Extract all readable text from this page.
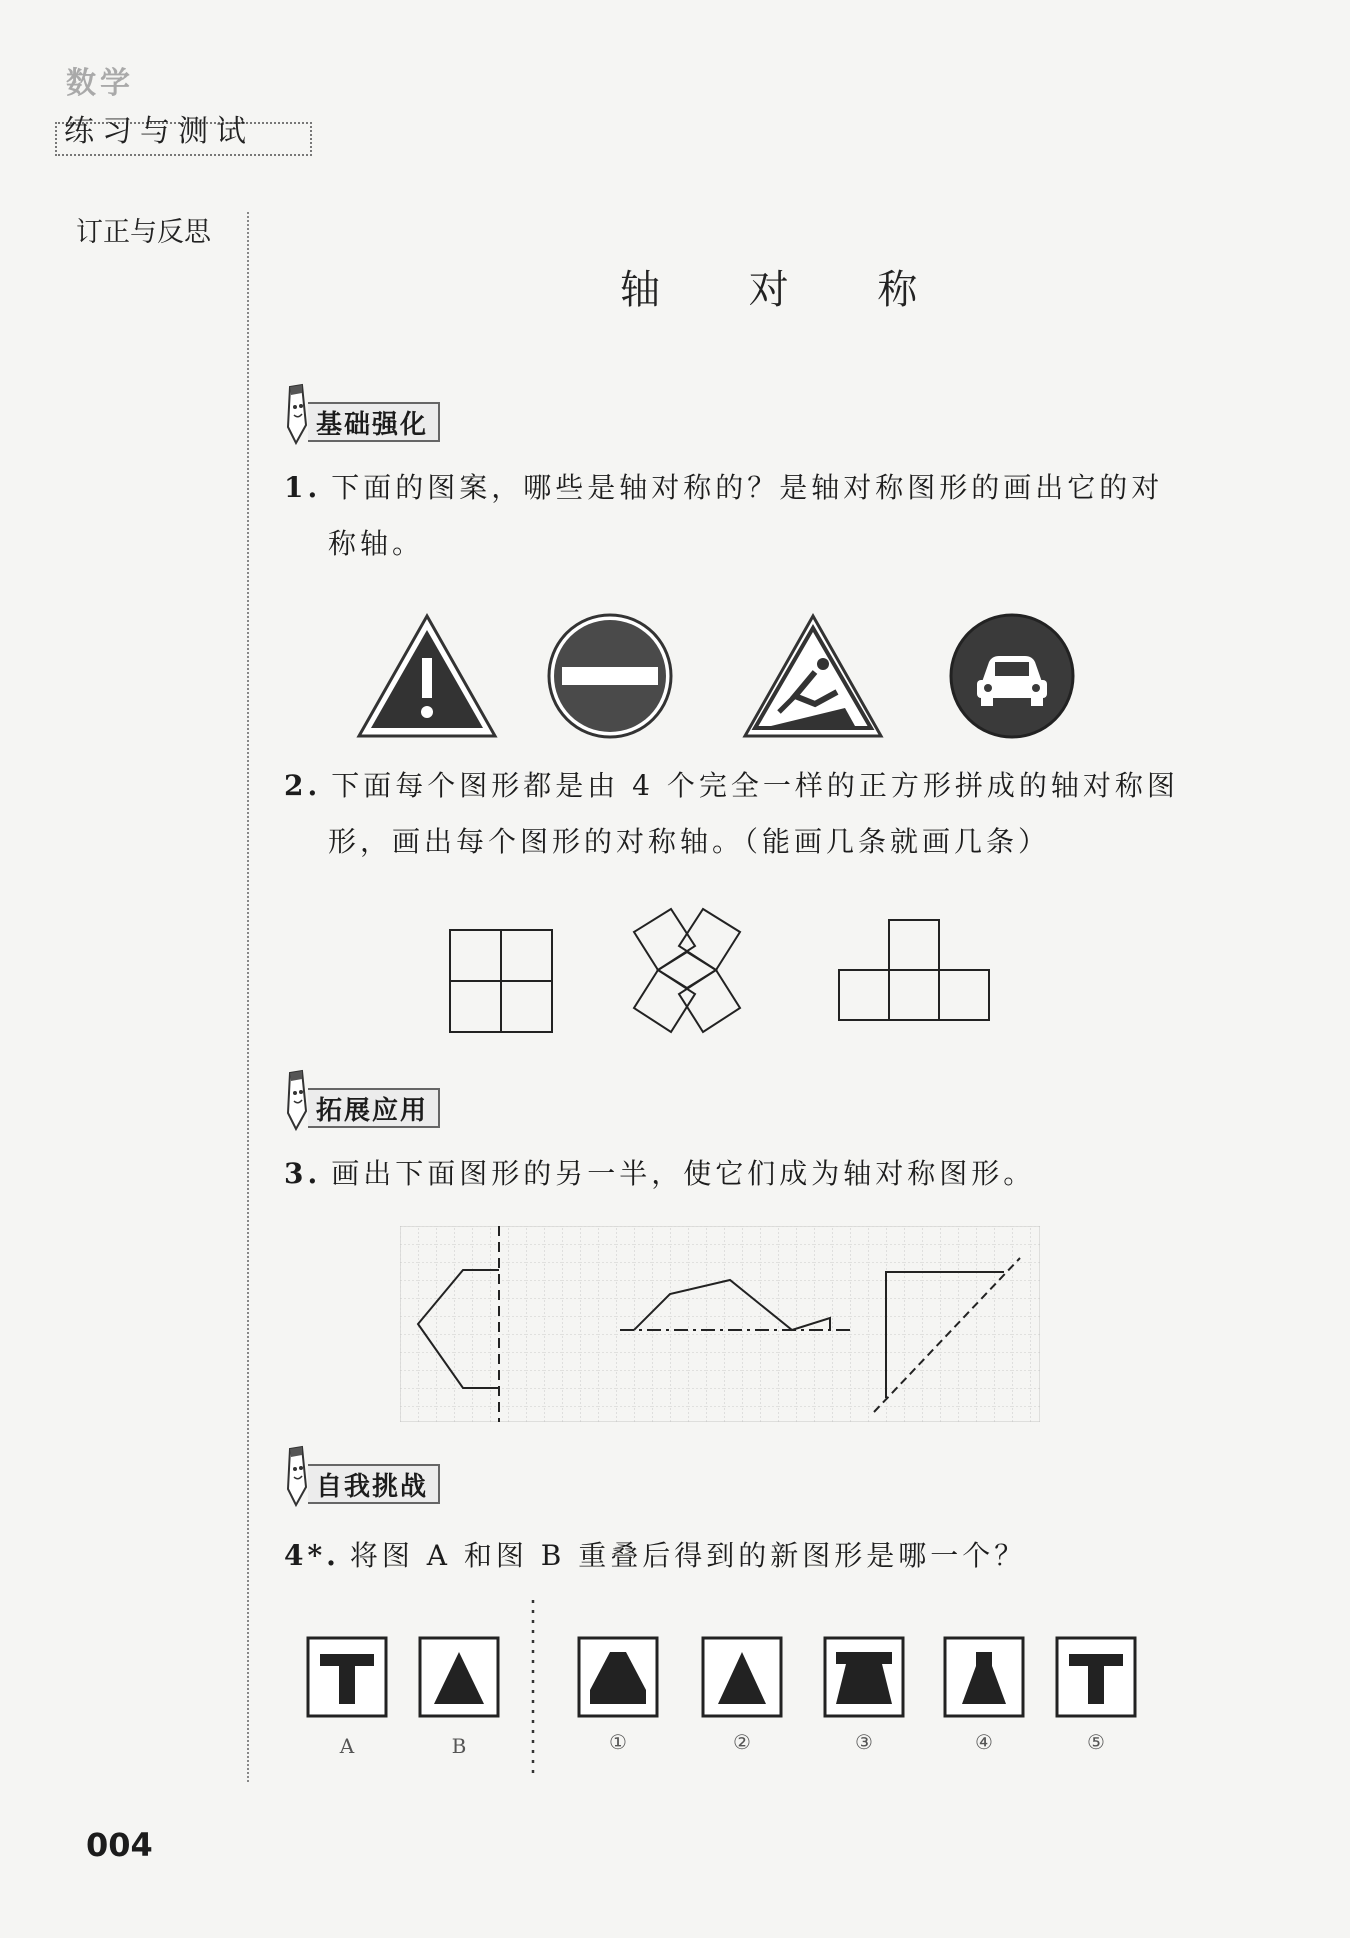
数学
练习与测试
订正与反思
轴 对 称
基础强化
1. 下面的图案，哪些是轴对称的？是轴对称图形的画出它的对
称轴。
2. 下面每个图形都是由 4 个完全一样的正方形拼成的轴对称图
形，画出每个图形的对称轴。（能画几条就画几条）
拓展应用
3. 画出下面图形的另一半，使它们成为轴对称图形。
自我挑战
4*. 将图 A 和图 B 重叠后得到的新图形是哪一个？
A	B	①	②	③	④	⑤
004
